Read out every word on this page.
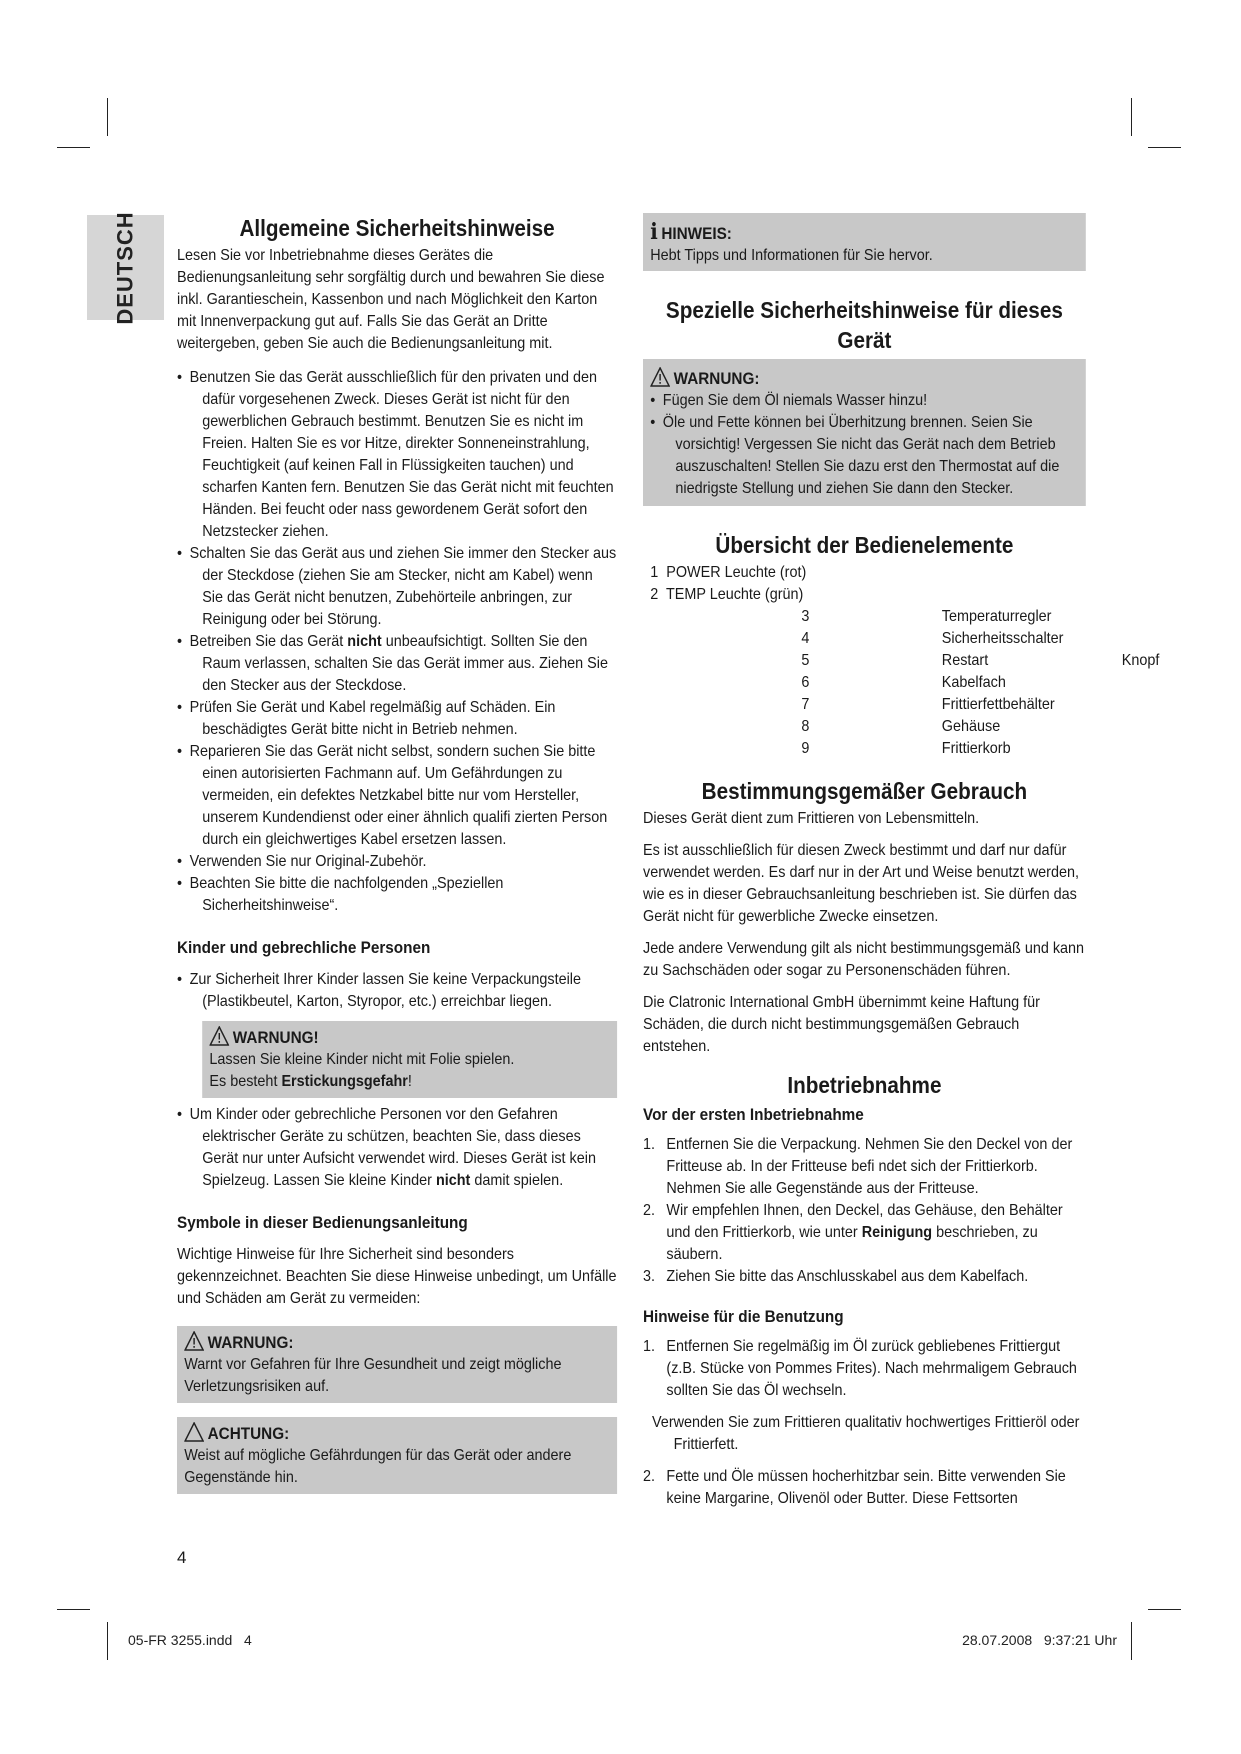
DEUTSCH	Allgemeine Sicherheitshinweise

Lesen Sie vor Inbetriebnahme dieses Gerätes die Bedienungsanleitung sehr sorgfältig durch und bewahren Sie diese inkl. Garantieschein, Kassenbon und nach Möglichkeit den Karton mit Innenverpackung gut auf. Falls Sie das Gerät an Dritte weitergeben, geben Sie auch die Bedienungsanleitung mit.

• Benutzen Sie das Gerät ausschließlich für den privaten und den dafür vorgesehenen Zweck. Dieses Gerät ist nicht für den gewerblichen Gebrauch bestimmt. Benutzen Sie es nicht im Freien. Halten Sie es vor Hitze, direkter Sonneneinstrahlung, Feuchtigkeit (auf keinen Fall in Flüssigkeiten tauchen) und scharfen Kanten fern. Benutzen Sie das Gerät nicht mit feuchten Händen. Bei feucht oder nass gewordenem Gerät sofort den Netzstecker ziehen.
• Schalten Sie das Gerät aus und ziehen Sie immer den Stecker aus der Steckdose (ziehen Sie am Stecker, nicht am Kabel) wenn Sie das Gerät nicht benutzen, Zubehörteile anbringen, zur Reinigung oder bei Störung.
• Betreiben Sie das Gerät nicht unbeaufsichtigt. Sollten Sie den Raum verlassen, schalten Sie das Gerät immer aus. Ziehen Sie den Stecker aus der Steckdose.
• Prüfen Sie Gerät und Kabel regelmäßig auf Schäden. Ein beschädigtes Gerät bitte nicht in Betrieb nehmen.
• Reparieren Sie das Gerät nicht selbst, sondern suchen Sie bitte einen autorisierten Fachmann auf. Um Gefährdungen zu vermeiden, ein defektes Netzkabel bitte nur vom Hersteller, unserem Kundendienst oder einer ähnlich qualifi zierten Person durch ein gleichwertiges Kabel ersetzen lassen.
• Verwenden Sie nur Original-Zubehör.
• Beachten Sie bitte die nachfolgenden „Speziellen Sicherheitshinweise“.
Kinder und gebrechliche Personen
• Zur Sicherheit Ihrer Kinder lassen Sie keine Verpackungsteile (Plastikbeutel, Karton, Styropor, etc.) erreichbar liegen.
WARNUNG!
Lassen Sie kleine Kinder nicht mit Folie spielen.
Es besteht Erstickungsgefahr!
• Um Kinder oder gebrechliche Personen vor den Gefahren elektrischer Geräte zu schützen, beachten Sie, dass dieses Gerät nur unter Aufsicht verwendet wird. Dieses Gerät ist kein Spielzeug. Lassen Sie kleine Kinder nicht damit spielen.
Symbole in dieser Bedienungsanleitung

Wichtige Hinweise für Ihre Sicherheit sind besonders gekennzeichnet. Beachten Sie diese Hinweise unbedingt, um Unfälle und Schäden am Gerät zu vermeiden:

WARNUNG:
Warnt vor Gefahren für Ihre Gesundheit und zeigt mögliche Verletzungsrisiken auf.
ACHTUNG:
Weist auf mögliche Gefährdungen für das Gerät oder andere Gegenstände hin.
i HINWEIS:
Hebt Tipps und Informationen für Sie hervor.
Spezielle Sicherheitshinweise für dieses Gerät
WARNUNG:
• Fügen Sie dem Öl niemals Wasser hinzu!
• Öle und Fette können bei Überhitzung brennen. Seien Sie vorsichtig! Vergessen Sie nicht das Gerät nach dem Betrieb auszuschalten! Stellen Sie dazu erst den Thermostat auf die niedrigste Stellung und ziehen Sie dann den Stecker.
Übersicht der Bedienelemente
1  POWER Leuchte (rot)
2  TEMP Leuchte (grün)
3	Temperaturregler
4	Sicherheitsschalter
5	Restart	Knopf
6	Kabelfach
7	Frittierfettbehälter
8	Gehäuse
9	Frittierkorb
Bestimmungsgemäßer Gebrauch

Dieses Gerät dient zum Frittieren von Lebensmitteln.

Es ist ausschließlich für diesen Zweck bestimmt und darf nur dafür verwendet werden. Es darf nur in der Art und Weise benutzt werden, wie es in dieser Gebrauchsanleitung beschrieben ist. Sie dürfen das Gerät nicht für gewerbliche Zwecke einsetzen.

Jede andere Verwendung gilt als nicht bestimmungsgemäß und kann zu Sachschäden oder sogar zu Personenschäden führen.

Die Clatronic International GmbH übernimmt keine Haftung für Schäden, die durch nicht bestimmungsgemäßen Gebrauch entstehen.

Inbetriebnahme
Vor der ersten Inbetriebnahme
1. Entfernen Sie die Verpackung. Nehmen Sie den Deckel von der Fritteuse ab. In der Fritteuse befi ndet sich der Frittierkorb. Nehmen Sie alle Gegenstände aus der Fritteuse.
2. Wir empfehlen Ihnen, den Deckel, das Gehäuse, den Behälter und den Frittierkorb, wie unter Reinigung beschrieben, zu säubern.
3. Ziehen Sie bitte das Anschlusskabel aus dem Kabelfach.
Hinweise für die Benutzung
1. Entfernen Sie regelmäßig im Öl zurück gebliebenes Frittiergut (z.B. Stücke von Pommes Frites). Nach mehrmaligem Gebrauch sollten Sie das Öl wechseln.

Verwenden Sie zum Frittieren qualitativ hochwertiges Frittieröl oder Frittierfett.

2. Fette und Öle müssen hocherhitzbar sein. Bitte verwenden Sie keine Margarine, Olivenöl oder Butter. Diese Fettsorten
4
05-FR 3255.indd   4	28.07.2008   9:37:21 Uhr
